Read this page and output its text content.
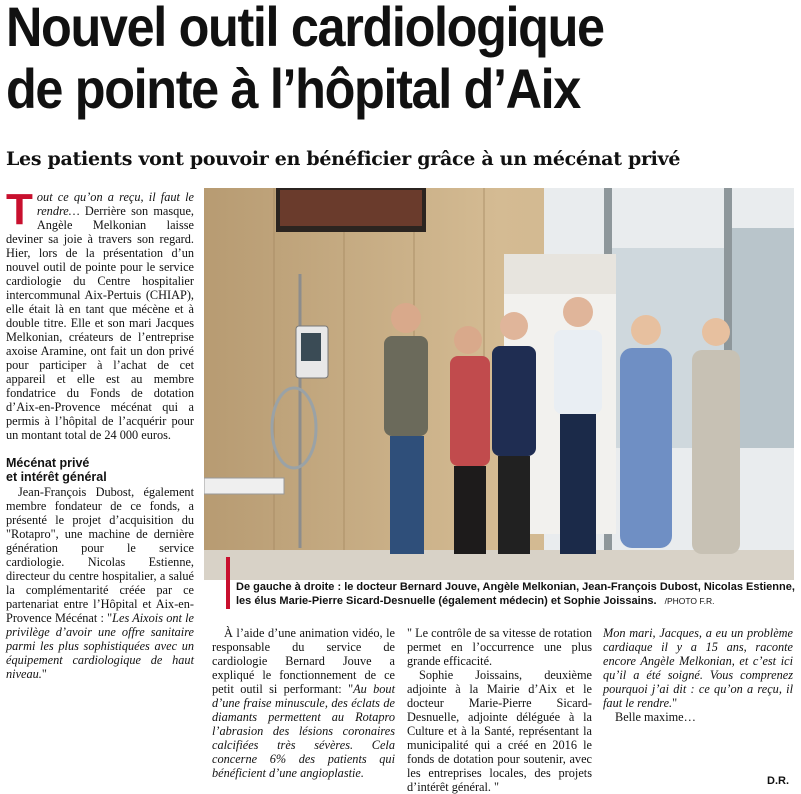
Nouvel outil cardiologique
de pointe à l’hôpital d’Aix
Les patients vont pouvoir en bénéficier grâce à un mécénat privé

Tout ce qu’on a reçu, il faut le rendre… Derrière son masque, Angèle Melkonian laisse deviner sa joie à travers son regard. Hier, lors de la présentation d’un nouvel outil de pointe pour le service cardiologie du Centre hospitalier intercommunal Aix-Pertuis (CHIAP), elle était là en tant que mécène et à double titre. Elle et son mari Jacques Melkonian, créateurs de l’entreprise axoise Aramine, ont fait un don privé pour participer à l’achat de cet appareil et elle est au membre fondatrice du Fonds de dotation d’Aix-en-Provence mécénat qui a permis à l’hôpital de l’acquérir pour un montant total de 24 000 euros.

Mécénat privé
et intérêt général

Jean-François Dubost, également membre fondateur de ce fonds, a présenté le projet d’acquisition du "Rotapro", une machine de dernière génération pour le service cardiologie. Nicolas Estienne, directeur du centre hospitalier, a salué la complémentarité créée par ce partenariat entre l’Hôpital et Aix-en-Provence Mécénat : "Les Aixois ont le privilège d’avoir une offre sanitaire parmi les plus sophistiquées avec un équipement cardiologique de haut niveau."

De gauche à droite : le docteur Bernard Jouve, Angèle Melkonian, Jean-François Dubost, Nicolas Estienne, les élus Marie-Pierre Sicard-Desnuelle (également médecin) et Sophie Joissains. /PHOTO F.R.

À l’aide d’une animation vidéo, le responsable du service de cardiologie Bernard Jouve a expliqué le fonctionnement de ce petit outil si performant: "Au bout d’une fraise minuscule, des éclats de diamants permettent au Rotapro l’abrasion des lésions coronaires calcifiées très sévères. Cela concerne 6% des patients qui bénéficient d’une angioplastie.

" Le contrôle de sa vitesse de rotation permet en l’occurrence une plus grande efficacité.

Sophie Joissains, deuxième adjointe à la Mairie d’Aix et le docteur Marie-Pierre Sicard-Desnuelle, adjointe déléguée à la Culture et à la Santé, représentant la municipalité qui a créé en 2016 le fonds de dotation pour soutenir, avec les entreprises locales, des projets d’intérêt général. "

Mon mari, Jacques, a eu un problème cardiaque il y a 15 ans, raconte encore Angèle Melkonian, et c’est ici qu’il a été soigné. Vous comprenez pourquoi j’ai dit : ce qu’on a reçu, il faut le rendre."

Belle maxime…

D.R.
